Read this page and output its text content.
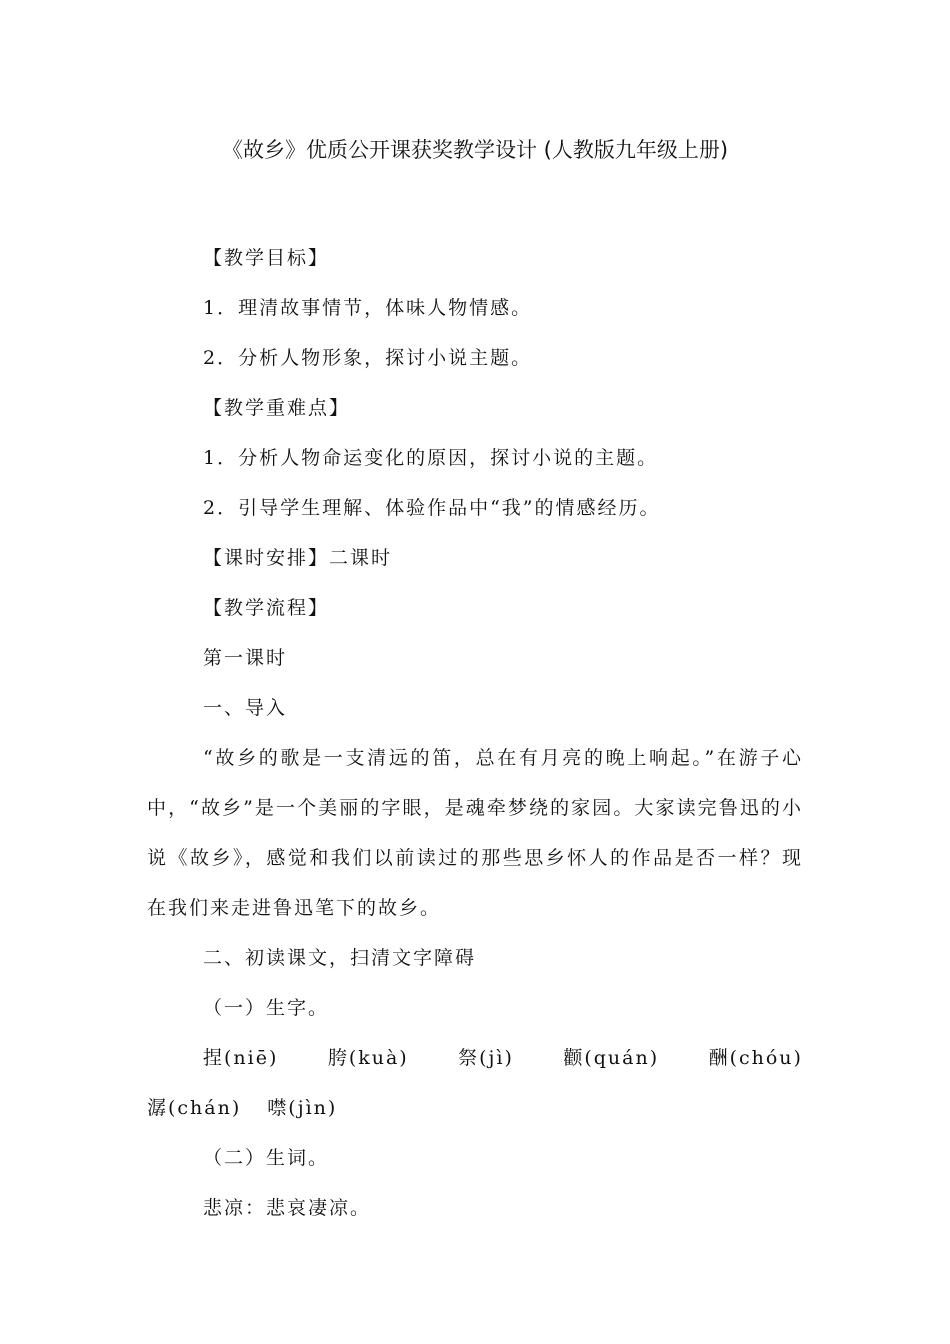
《故乡》优质公开课获奖教学设计 (人教版九年级上册)

【教学目标】

1．理清故事情节，体味人物情感。

2．分析人物形象，探讨小说主题。

【教学重难点】

1．分析人物命运变化的原因，探讨小说的主题。

2．引导学生理解、体验作品中“我”的情感经历。

【课时安排】二课时

【教学流程】

第一课时

一、导入

“故乡的歌是一支清远的笛，总在有月亮的晚上响起。”在游子心中，“故乡”是一个美丽的字眼，是魂牵梦绕的家园。大家读完鲁迅的小说《故乡》，感觉和我们以前读过的那些思乡怀人的作品是否一样？现在我们来走进鲁迅笔下的故乡。

二、初读课文，扫清文字障碍

（一）生字。

捏(niē)	胯(kuà)	祭(jì)	颧(quán)	酬(chóu)
潺(chán) 噤(jìn)

（二）生词。

悲凉：悲哀凄凉。
